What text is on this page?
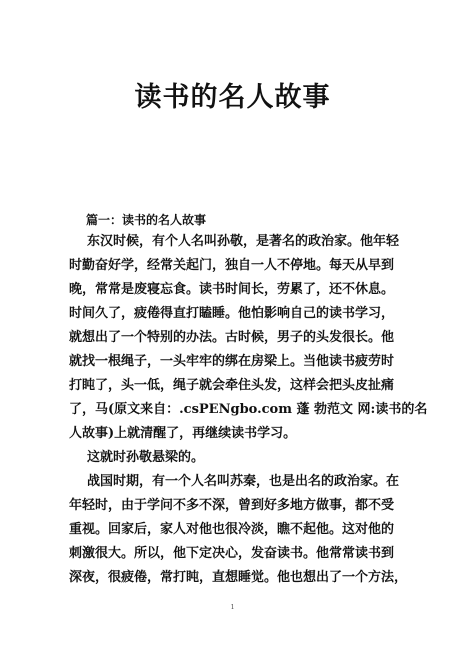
读书的名人故事
篇一：读书的名人故事
东汉时候，有个人名叫孙敬，是著名的政治家。他年轻
时勤奋好学，经常关起门，独自一人不停地。每天从早到
晚，常常是废寝忘食。读书时间长，劳累了，还不休息。
时间久了，疲倦得直打瞌睡。他怕影响自己的读书学习，
就想出了一个特别的办法。古时候，男子的头发很长。他
就找一根绳子，一头牢牢的绑在房梁上。当他读书疲劳时
打盹了，头一低，绳子就会牵住头发，这样会把头皮扯痛
了，马(原文来自：.csPENgbo.com 蓬 勃范文 网:读书的名
人故事)上就清醒了，再继续读书学习。
这就时孙敬悬梁的。
战国时期，有一个人名叫苏秦，也是出名的政治家。在
年轻时，由于学问不多不深，曾到好多地方做事，都不受
重视。回家后，家人对他也很冷淡，瞧不起他。这对他的
刺激很大。所以，他下定决心，发奋读书。他常常读书到
深夜，很疲倦，常打盹，直想睡觉。他也想出了一个方法，
1
